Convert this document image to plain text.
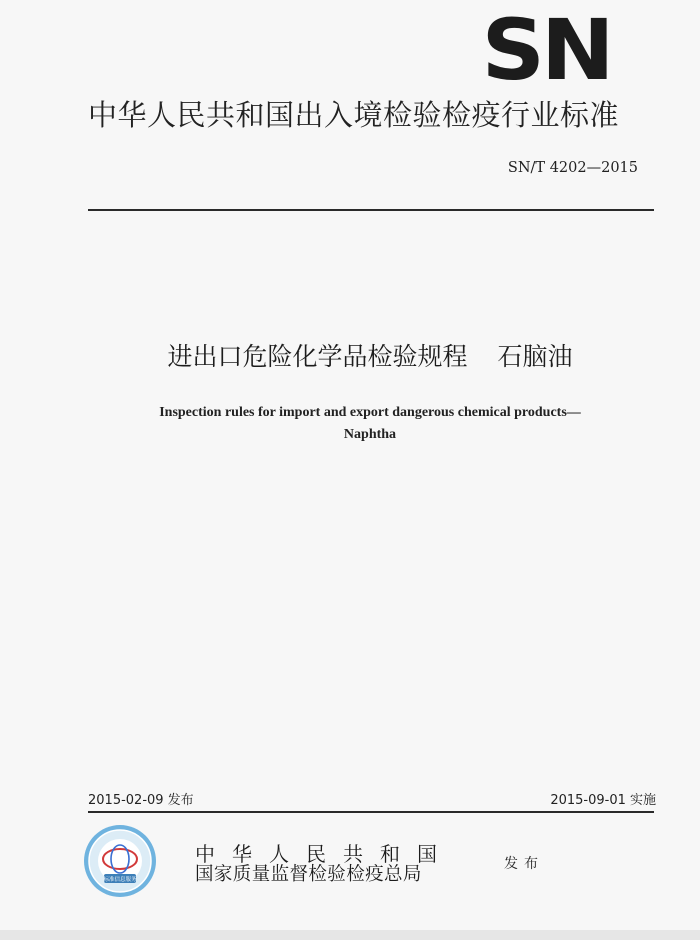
SN
中华人民共和国出入境检验检疫行业标准
SN/T 4202—2015
进出口危险化学品检验规程 石脑油
Inspection rules for import and export dangerous chemical products—
Naphtha
2015-02-09 发布	2015-09-01 实施
标准信息服务
中华人民共和国
国家质量监督检验检疫总局	发布
